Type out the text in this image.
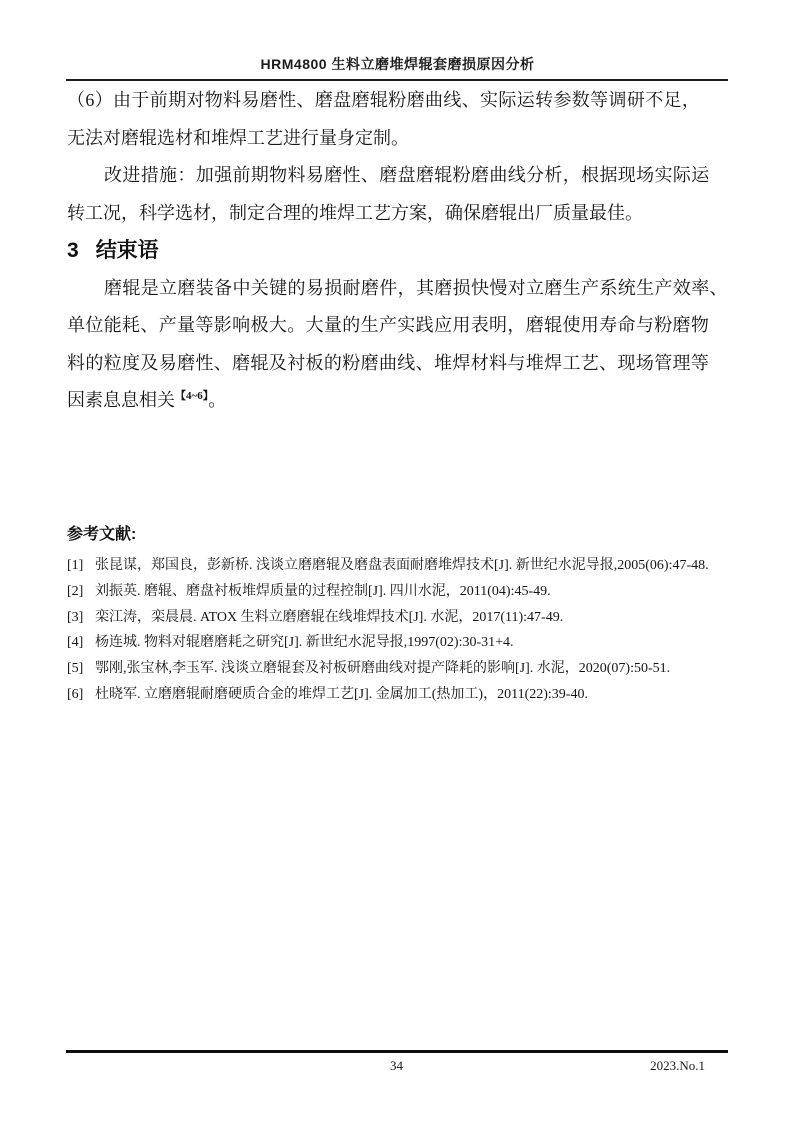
HRM4800 生料立磨堆焊辊套磨损原因分析

（6）由于前期对物料易磨性、磨盘磨辊粉磨曲线、实际运转参数等调研不足， 无法对磨辊选材和堆焊工艺进行量身定制。

改进措施：加强前期物料易磨性、磨盘磨辊粉磨曲线分析，根据现场实际运 转工况，科学选材，制定合理的堆焊工艺方案，确保磨辊出厂质量最佳。

3 结束语

磨辊是立磨装备中关键的易损耐磨件，其磨损快慢对立磨生产系统生产效率、 单位能耗、产量等影响极大。大量的生产实践应用表明，磨辊使用寿命与粉磨物 料的粒度及易磨性、磨辊及衬板的粉磨曲线、堆焊材料与堆焊工艺、现场管理等 因素息息相关$^{【4\sim 6】}$。

参考文献:
[1] 张昆谋，郑国良，彭新桥. 浅谈立磨磨辊及磨盘表面耐磨堆焊技术[J]. 新世纪水泥导报,2005(06):47-48.
[2] 刘振英. 磨辊、磨盘衬板堆焊质量的过程控制[J]. 四川水泥，2011(04):45-49.
[3] 栾江涛，栾晨晨. ATOX 生料立磨磨辊在线堆焊技术[J]. 水泥，2017(11):47-49.
[4] 杨连城. 物料对辊磨磨耗之研究[J]. 新世纪水泥导报,1997(02):30-31+4.
[5] 鄂刚,张宝林,李玉军. 浅谈立磨辊套及衬板研磨曲线对提产降耗的影响[J]. 水泥，2020(07):50-51.
[6] 杜晓军. 立磨磨辊耐磨硬质合金的堆焊工艺[J]. 金属加工(热加工)，2011(22):39-40.
34	2023.No.1
